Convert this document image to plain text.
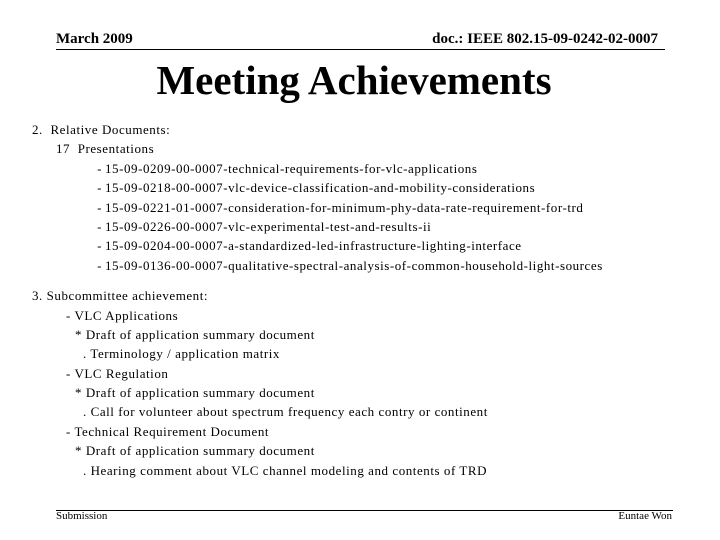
March 2009	doc.: IEEE 802.15-09-0242-02-0007
Meeting Achievements
2.  Relative Documents:
17  Presentations
- 15-09-0209-00-0007-technical-requirements-for-vlc-applications
- 15-09-0218-00-0007-vlc-device-classification-and-mobility-considerations
- 15-09-0221-01-0007-consideration-for-minimum-phy-data-rate-requirement-for-trd
- 15-09-0226-00-0007-vlc-experimental-test-and-results-ii
- 15-09-0204-00-0007-a-standardized-led-infrastructure-lighting-interface
- 15-09-0136-00-0007-qualitative-spectral-analysis-of-common-household-light-sources
3. Subcommittee achievement:
- VLC Applications
* Draft of application summary document
. Terminology / application matrix
- VLC Regulation
* Draft of application summary document
. Call for volunteer about spectrum frequency each contry or continent
- Technical Requirement Document
* Draft of application summary document
. Hearing comment about VLC channel modeling and contents of TRD
Submission	Euntae Won
